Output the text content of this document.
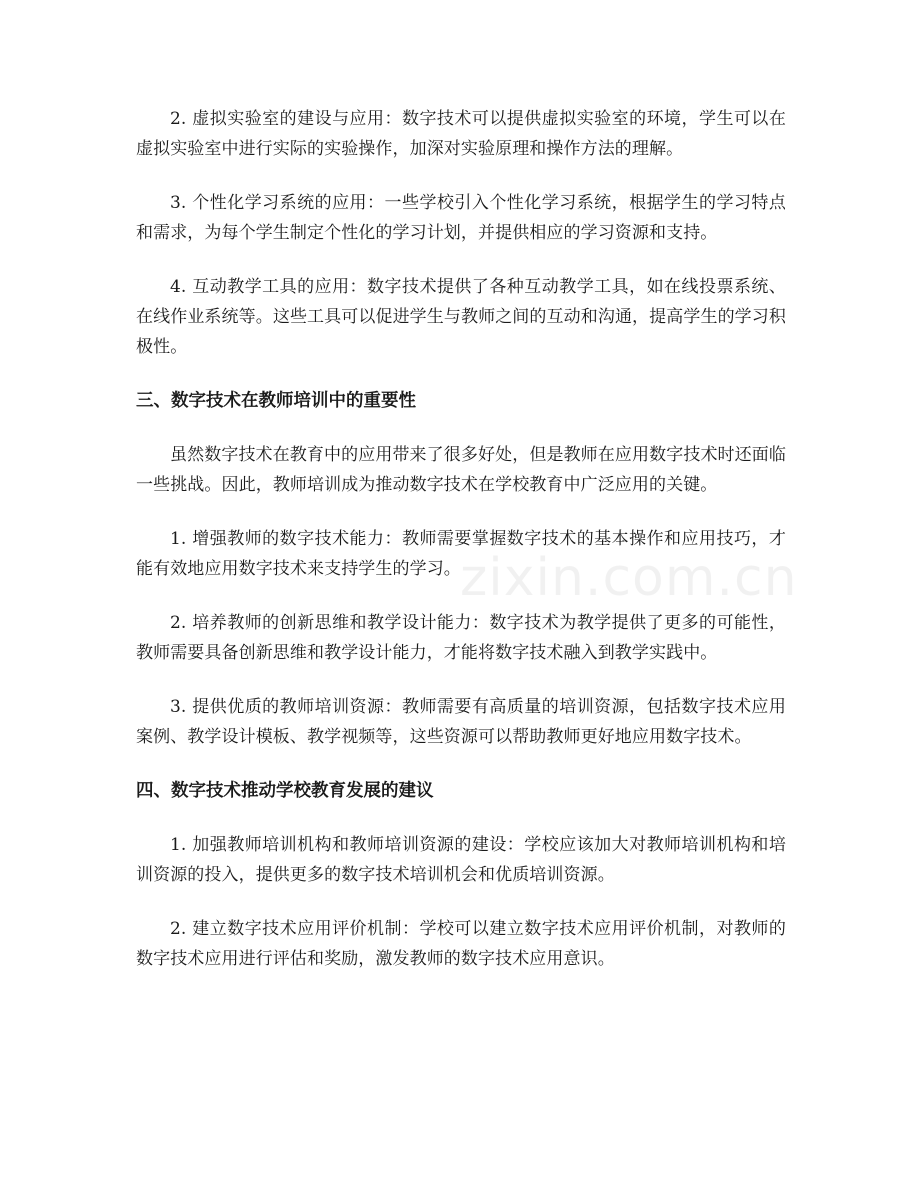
2. 虚拟实验室的建设与应用：数字技术可以提供虚拟实验室的环境，学生可以在虚拟实验室中进行实际的实验操作，加深对实验原理和操作方法的理解。

3. 个性化学习系统的应用：一些学校引入个性化学习系统，根据学生的学习特点和需求，为每个学生制定个性化的学习计划，并提供相应的学习资源和支持。

4. 互动教学工具的应用：数字技术提供了各种互动教学工具，如在线投票系统、在线作业系统等。这些工具可以促进学生与教师之间的互动和沟通，提高学生的学习积极性。

三、数字技术在教师培训中的重要性

虽然数字技术在教育中的应用带来了很多好处，但是教师在应用数字技术时还面临一些挑战。因此，教师培训成为推动数字技术在学校教育中广泛应用的关键。

1. 增强教师的数字技术能力：教师需要掌握数字技术的基本操作和应用技巧，才能有效地应用数字技术来支持学生的学习。

2. 培养教师的创新思维和教学设计能力：数字技术为教学提供了更多的可能性，教师需要具备创新思维和教学设计能力，才能将数字技术融入到教学实践中。

3. 提供优质的教师培训资源：教师需要有高质量的培训资源，包括数字技术应用案例、教学设计模板、教学视频等，这些资源可以帮助教师更好地应用数字技术。

四、数字技术推动学校教育发展的建议

1. 加强教师培训机构和教师培训资源的建设：学校应该加大对教师培训机构和培训资源的投入，提供更多的数字技术培训机会和优质培训资源。

2. 建立数字技术应用评价机制：学校可以建立数字技术应用评价机制，对教师的数字技术应用进行评估和奖励，激发教师的数字技术应用意识。

zixin.com.cn
